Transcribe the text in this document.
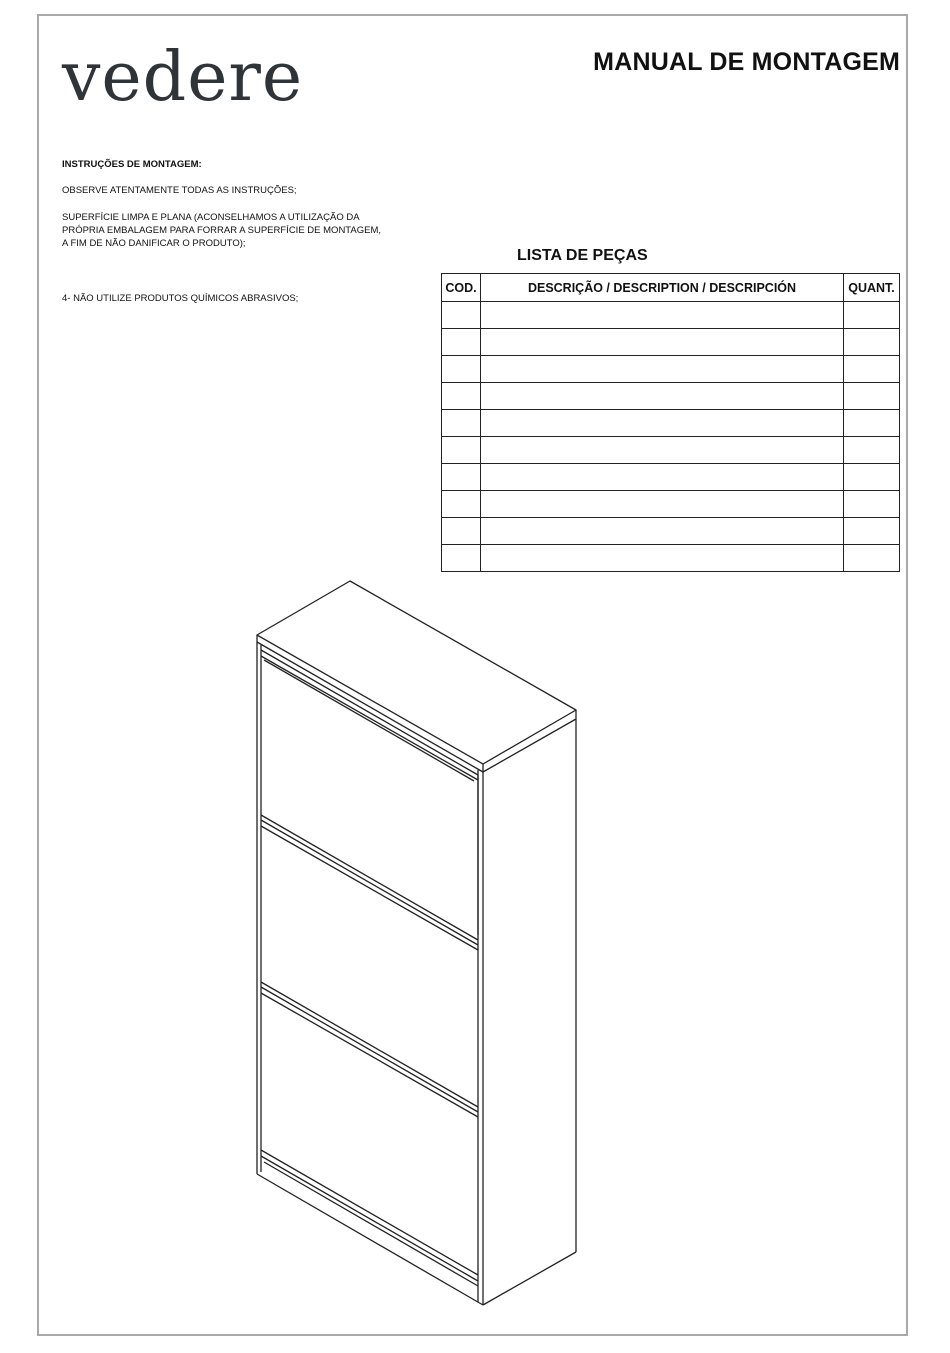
vedere	MANUAL DE MONTAGEM
INSTRUÇÕES DE MONTAGEM:
OBSERVE ATENTAMENTE TODAS AS INSTRUÇÕES;
SUPERFÍCIE LIMPA E PLANA (ACONSELHAMOS A UTILIZAÇÃO DA PRÓPRIA EMBALAGEM PARA FORRAR A SUPERFÍCIE DE MONTAGEM, A FIM DE NÃO DANIFICAR O PRODUTO);
4- NÃO UTILIZE PRODUTOS QUÍMICOS ABRASIVOS;
LISTA DE PEÇAS
COD.	DESCRIÇÃO / DESCRIPTION / DESCRIPCIÓN	QUANT.
